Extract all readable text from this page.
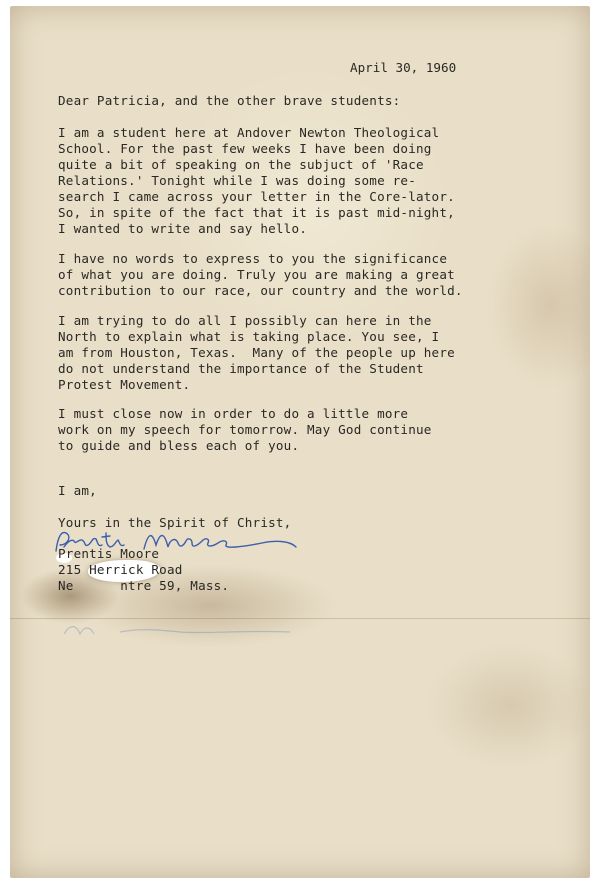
April 30, 1960
Dear Patricia, and the other brave students:
I am a student here at Andover Newton Theological
School. For the past few weeks I have been doing
quite a bit of speaking on the subjuct of 'Race
Relations.' Tonight while I was doing some re-
search I came across your letter in the Core-lator.
So, in spite of the fact that it is past mid-night,
I wanted to write and say hello.
I have no words to express to you the significance
of what you are doing. Truly you are making a great
contribution to our race, our country and the world.
I am trying to do all I possibly can here in the
North to explain what is taking place. You see, I
am from Houston, Texas.  Many of the people up here
do not understand the importance of the Student
Protest Movement.
I must close now in order to do a little more
work on my speech for tomorrow. May God continue
to guide and bless each of you.
I am,
Yours in the Spirit of Christ,
Prentis Moore
215 Herrick Road
Ne      ntre 59, Mass.
